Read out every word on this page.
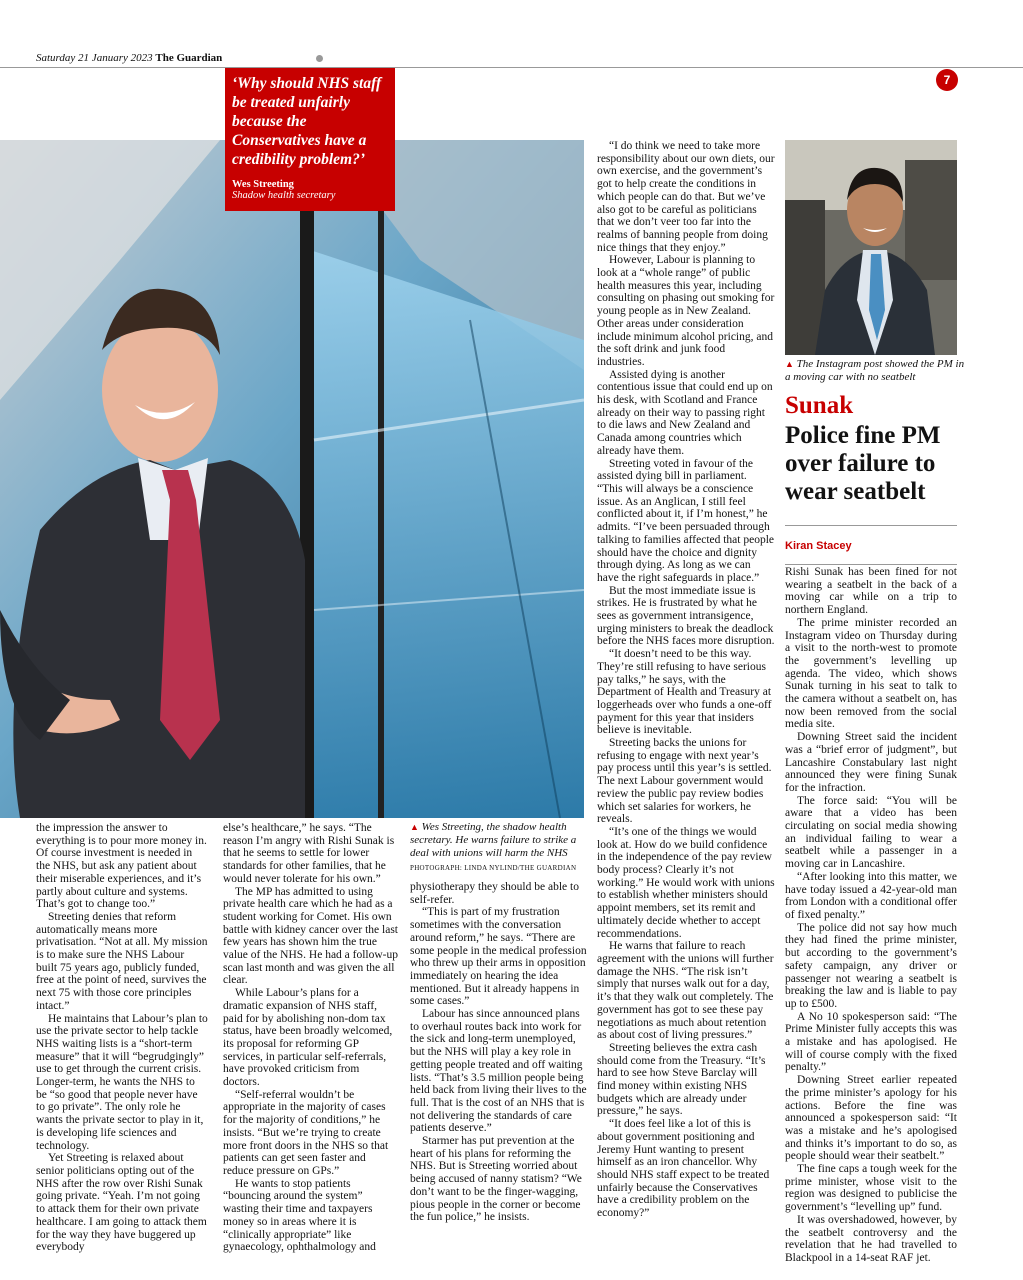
Saturday 21 January 2023 The Guardian
7
‘Why should NHS staff be treated unfairly because the Conservatives have a credibility problem?’
Wes Streeting
Shadow health secretary

the impression the answer to everything is to pour more money in. Of course investment is needed in the NHS, but ask any patient about their miserable experiences, and it’s partly about culture and systems. That’s got to change too.”

Streeting denies that reform automatically means more privatisation. “Not at all. My mission is to make sure the NHS Labour built 75 years ago, publicly funded, free at the point of need, survives the next 75 with those core principles intact.”

He maintains that Labour’s plan to use the private sector to help tackle NHS waiting lists is a “short-term measure” that it will “begrudgingly” use to get through the current crisis. Longer-term, he wants the NHS to be “so good that people never have to go private”. The only role he wants the private sector to play in it, is developing life sciences and technology.

Yet Streeting is relaxed about senior politicians opting out of the NHS after the row over Rishi Sunak going private. “Yeah. I’m not going to attack them for their own private healthcare. I am going to attack them for the way they have buggered up everybody

else’s healthcare,” he says. “The reason I’m angry with Rishi Sunak is that he seems to settle for lower standards for other families, that he would never tolerate for his own.”

The MP has admitted to using private health care which he had as a student working for Comet. His own battle with kidney cancer over the last few years has shown him the true value of the NHS. He had a follow-up scan last month and was given the all clear.

While Labour’s plans for a dramatic expansion of NHS staff, paid for by abolishing non-dom tax status, have been broadly welcomed, its proposal for reforming GP services, in particular self-referrals, have provoked criticism from doctors.

“Self-referral wouldn’t be appropriate in the majority of cases for the majority of conditions,” he insists. “But we’re trying to create more front doors in the NHS so that patients can get seen faster and reduce pressure on GPs.”

He wants to stop patients “bouncing around the system” wasting their time and taxpayers money so in areas where it is “clinically appropriate” like gynaecology, ophthalmology and

▲ Wes Streeting, the shadow health secretary. He warns failure to strike a deal with unions will harm the NHS
PHOTOGRAPH: LINDA NYLIND/THE GUARDIAN

physiotherapy they should be able to self-refer.

“This is part of my frustration sometimes with the conversation around reform,” he says. “There are some people in the medical profession who threw up their arms in opposition immediately on hearing the idea mentioned. But it already happens in some cases.”

Labour has since announced plans to overhaul routes back into work for the sick and long-term unemployed, but the NHS will play a key role in getting people treated and off waiting lists. “That’s 3.5 million people being held back from living their lives to the full. That is the cost of an NHS that is not delivering the standards of care patients deserve.”

Starmer has put prevention at the heart of his plans for reforming the NHS. But is Streeting worried about being accused of nanny statism? “We don’t want to be the finger-wagging, pious people in the corner or become the fun police,” he insists.

“I do think we need to take more responsibility about our own diets, our own exercise, and the government’s got to help create the conditions in which people can do that. But we’ve also got to be careful as politicians that we don’t veer too far into the realms of banning people from doing nice things that they enjoy.”

However, Labour is planning to look at a “whole range” of public health measures this year, including consulting on phasing out smoking for young people as in New Zealand. Other areas under consideration include minimum alcohol pricing, and the soft drink and junk food industries.

Assisted dying is another contentious issue that could end up on his desk, with Scotland and France already on their way to passing right to die laws and New Zealand and Canada among countries which already have them.

Streeting voted in favour of the assisted dying bill in parliament. “This will always be a conscience issue. As an Anglican, I still feel conflicted about it, if I’m honest,” he admits. “I’ve been persuaded through talking to families affected that people should have the choice and dignity through dying. As long as we can have the right safeguards in place.”

But the most immediate issue is strikes. He is frustrated by what he sees as government intransigence, urging ministers to break the deadlock before the NHS faces more disruption.

“It doesn’t need to be this way. They’re still refusing to have serious pay talks,” he says, with the Department of Health and Treasury at loggerheads over who funds a one-off payment for this year that insiders believe is inevitable.

Streeting backs the unions for refusing to engage with next year’s pay process until this year’s is settled. The next Labour government would review the public pay review bodies which set salaries for workers, he reveals.

“It’s one of the things we would look at. How do we build confidence in the independence of the pay review body process? Clearly it’s not working.” He would work with unions to establish whether ministers should appoint members, set its remit and ultimately decide whether to accept recommendations.

He warns that failure to reach agreement with the unions will further damage the NHS. “The risk isn’t simply that nurses walk out for a day, it’s that they walk out completely. The government has got to see these pay negotiations as much about retention as about cost of living pressures.”

Streeting believes the extra cash should come from the Treasury. “It’s hard to see how Steve Barclay will find money within existing NHS budgets which are already under pressure,” he says.

“It does feel like a lot of this is about government positioning and Jeremy Hunt wanting to present himself as an iron chancellor. Why should NHS staff expect to be treated unfairly because the Conservatives have a credibility problem on the economy?”

▲ The Instagram post showed the PM in a moving car with no seatbelt
Sunak
Police fine PM over failure to wear seatbelt
Kiran Stacey

Rishi Sunak has been fined for not wearing a seatbelt in the back of a moving car while on a trip to northern England.

The prime minister recorded an Instagram video on Thursday during a visit to the north-west to promote the government’s levelling up agenda. The video, which shows Sunak turning in his seat to talk to the camera without a seatbelt on, has now been removed from the social media site.

Downing Street said the incident was a “brief error of judgment”, but Lancashire Constabulary last night announced they were fining Sunak for the infraction.

The force said: “You will be aware that a video has been circulating on social media showing an individual failing to wear a seatbelt while a passenger in a moving car in Lancashire.

“After looking into this matter, we have today issued a 42-year-old man from London with a conditional offer of fixed penalty.”

The police did not say how much they had fined the prime minister, but according to the government’s safety campaign, any driver or passenger not wearing a seatbelt is breaking the law and is liable to pay up to £500.

A No 10 spokesperson said: “The Prime Minister fully accepts this was a mistake and has apologised. He will of course comply with the fixed penalty.”

Downing Street earlier repeated the prime minister’s apology for his actions. Before the fine was announced a spokesperson said: “It was a mistake and he’s apologised and thinks it’s important to do so, as people should wear their seatbelt.”

The fine caps a tough week for the prime minister, whose visit to the region was designed to publicise the government’s “levelling up” fund.

It was overshadowed, however, by the seatbelt controversy and the revelation that he had travelled to Blackpool in a 14-seat RAF jet.
